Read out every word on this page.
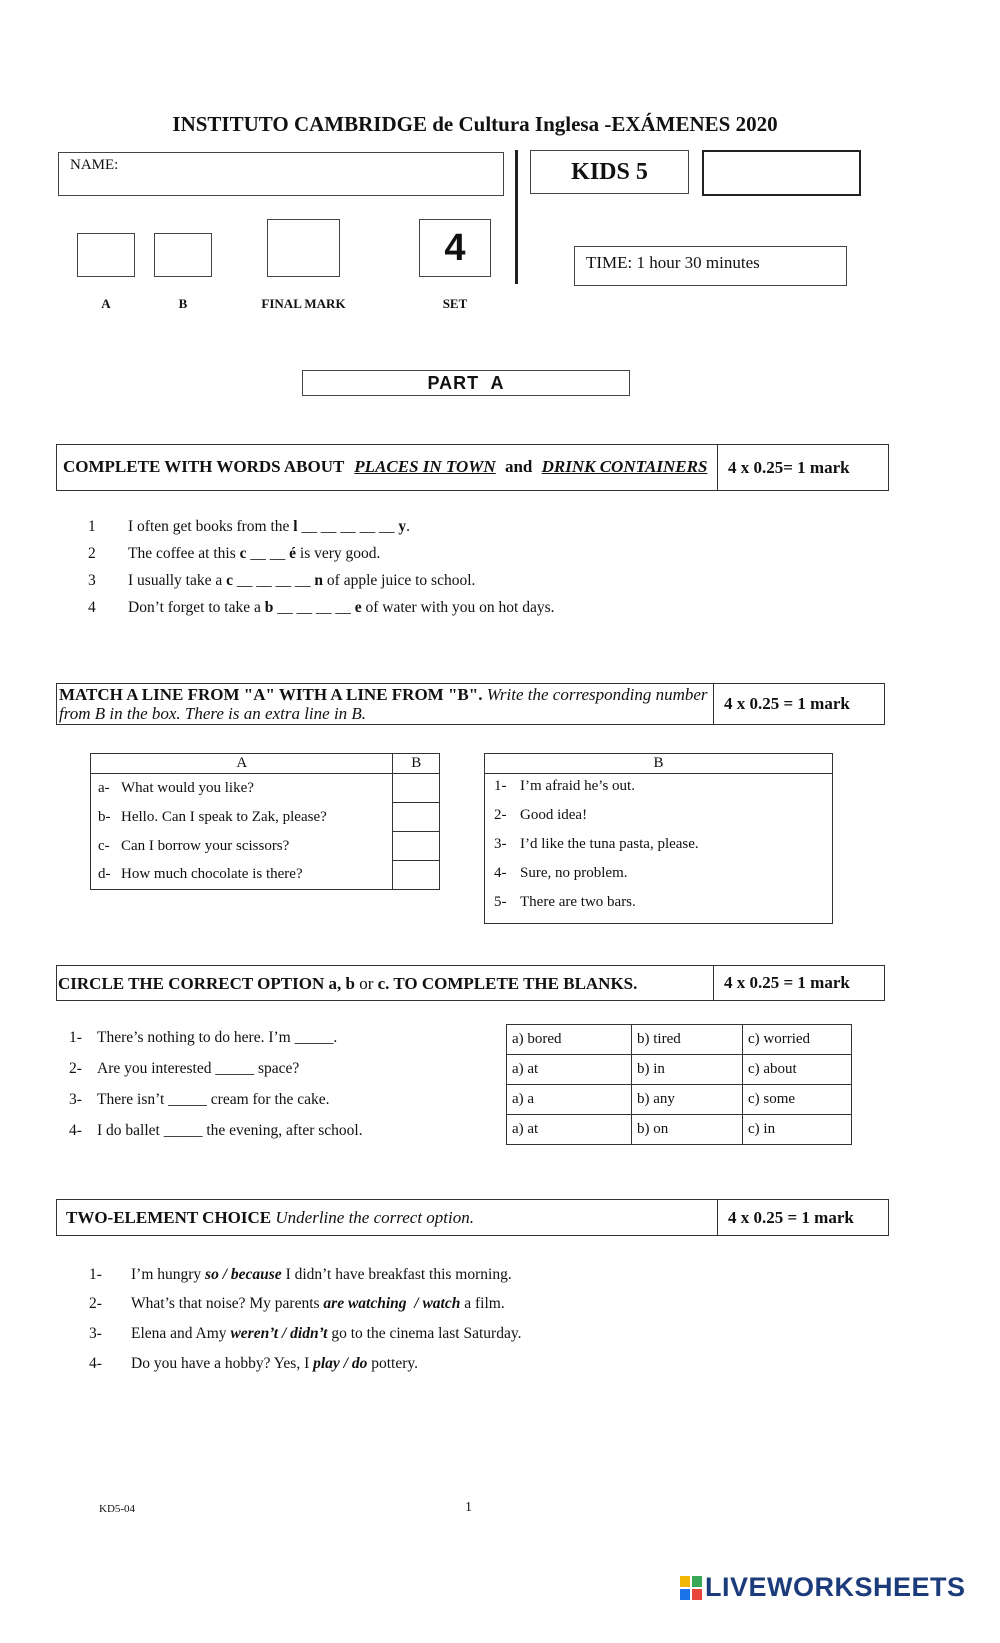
INSTITUTO CAMBRIDGE de Cultura Inglesa -EXÁMENES 2020
NAME:	KIDS 5
4	TIME: 1 hour 30 minutes
A	B	FINAL MARK	SET
PART  A
COMPLETE WITH WORDS ABOUT PLACES IN TOWN and DRINK CONTAINERS	4 x 0.25= 1 mark
1 I often get books from the l __ __ __ __ __ y.
2 The coffee at this c __ __ é is very good.
3 I usually take a c __ __ __ __ n of apple juice to school.
4 Don’t forget to take a b __ __ __ __ e of water with you on hot days.
MATCH A LINE FROM "A" WITH A LINE FROM "B". Write the corresponding number
from B in the box. There is an extra line in B.
4 x 0.25 = 1 mark
A	B
a- What would you like?	
b- Hello. Can I speak to Zak, please?	
c- Can I borrow your scissors?	
d- How much chocolate is there?	
B

1- I’m afraid he’s out.
2- Good idea!
3- I’d like the tuna pasta, please.
4- Sure, no problem.
5- There are two bars.
CIRCLE THE CORRECT OPTION a, b or c. TO COMPLETE THE BLANKS.	4 x 0.25 = 1 mark
1- There’s nothing to do here. I’m _____.
2- Are you interested _____ space?
3- There isn’t _____ cream for the cake.
4- I do ballet _____ the evening, after school.
a) bored	b) tired	c) worried
a) at	b) in	c) about
a) a	b) any	c) some
a) at	b) on	c) in
TWO-ELEMENT CHOICE Underline the correct option.	4 x 0.25 = 1 mark
1- I’m hungry so / because I didn’t have breakfast this morning.
2- What’s that noise? My parents are watching  / watch a film.
3- Elena and Amy weren’t / didn’t go to the cinema last Saturday.
4- Do you have a hobby? Yes, I play / do pottery.
KD5-04	1
LIVEWORKSHEETS
